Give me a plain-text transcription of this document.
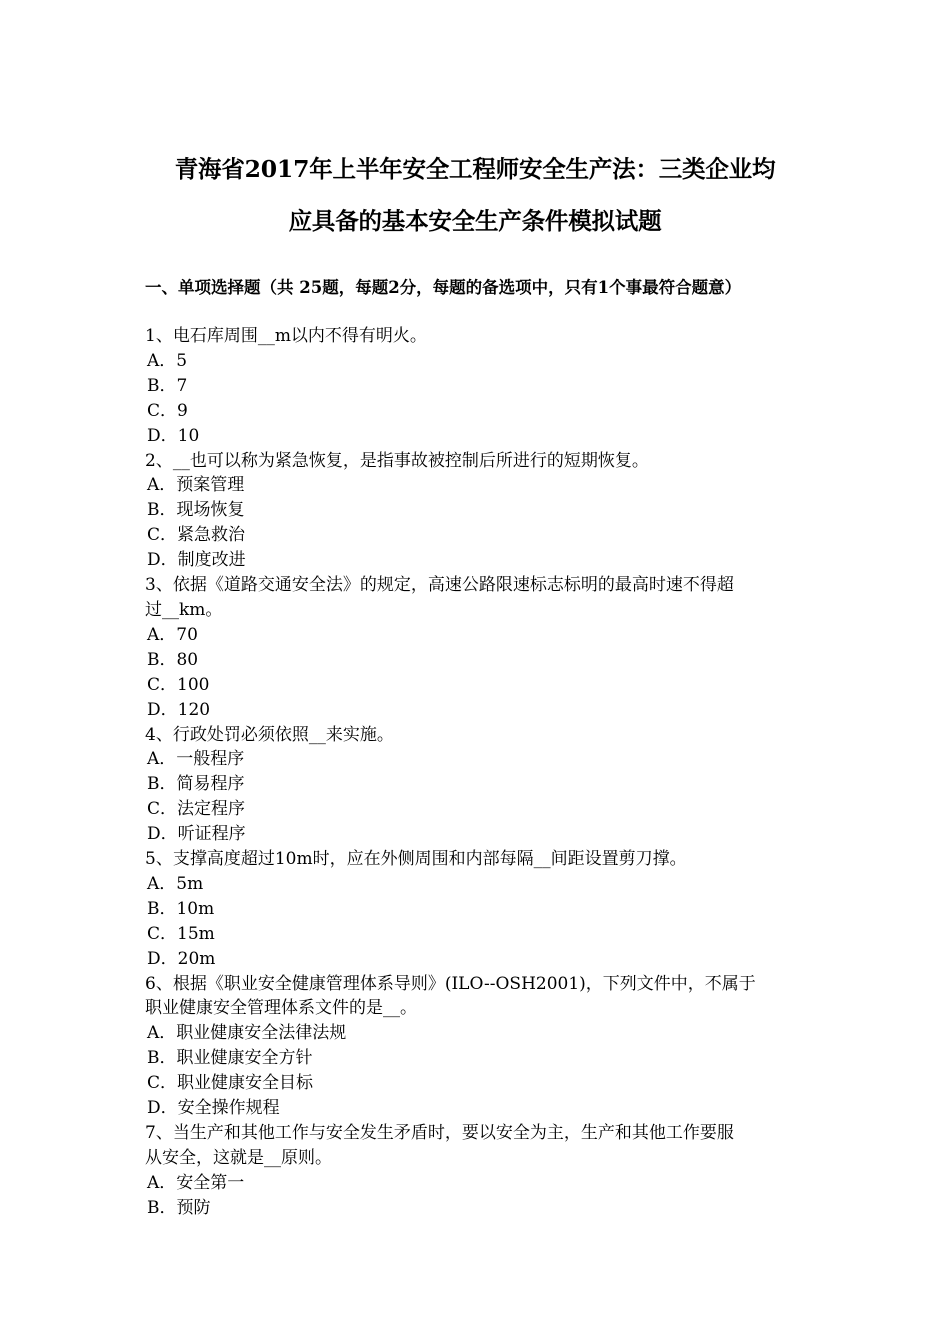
青海省2017年上半年安全工程师安全生产法：三类企业均
应具备的基本安全生产条件模拟试题
一、单项选择题（共 25题，每题2分，每题的备选项中，只有1个事最符合题意）
1、电石库周围__m以内不得有明火。
A．5
B．7
C．9
D．10
2、__也可以称为紧急恢复，是指事故被控制后所进行的短期恢复。
A．预案管理
B．现场恢复
C．紧急救治
D．制度改进
3、依据《道路交通安全法》的规定，高速公路限速标志标明的最高时速不得超
过__km。
A．70
B．80
C．100
D．120
4、行政处罚必须依照__来实施。
A．一般程序
B．简易程序
C．法定程序
D．听证程序
5、支撑高度超过10m时，应在外侧周围和内部每隔__间距设置剪刀撑。
A．5m
B．10m
C．15m
D．20m
6、根据《职业安全健康管理体系导则》(ILO--OSH2001)，下列文件中，不属于
职业健康安全管理体系文件的是__。
A．职业健康安全法律法规
B．职业健康安全方针
C．职业健康安全目标
D．安全操作规程
7、当生产和其他工作与安全发生矛盾时，要以安全为主，生产和其他工作要服
从安全，这就是__原则。
A．安全第一
B．预防
